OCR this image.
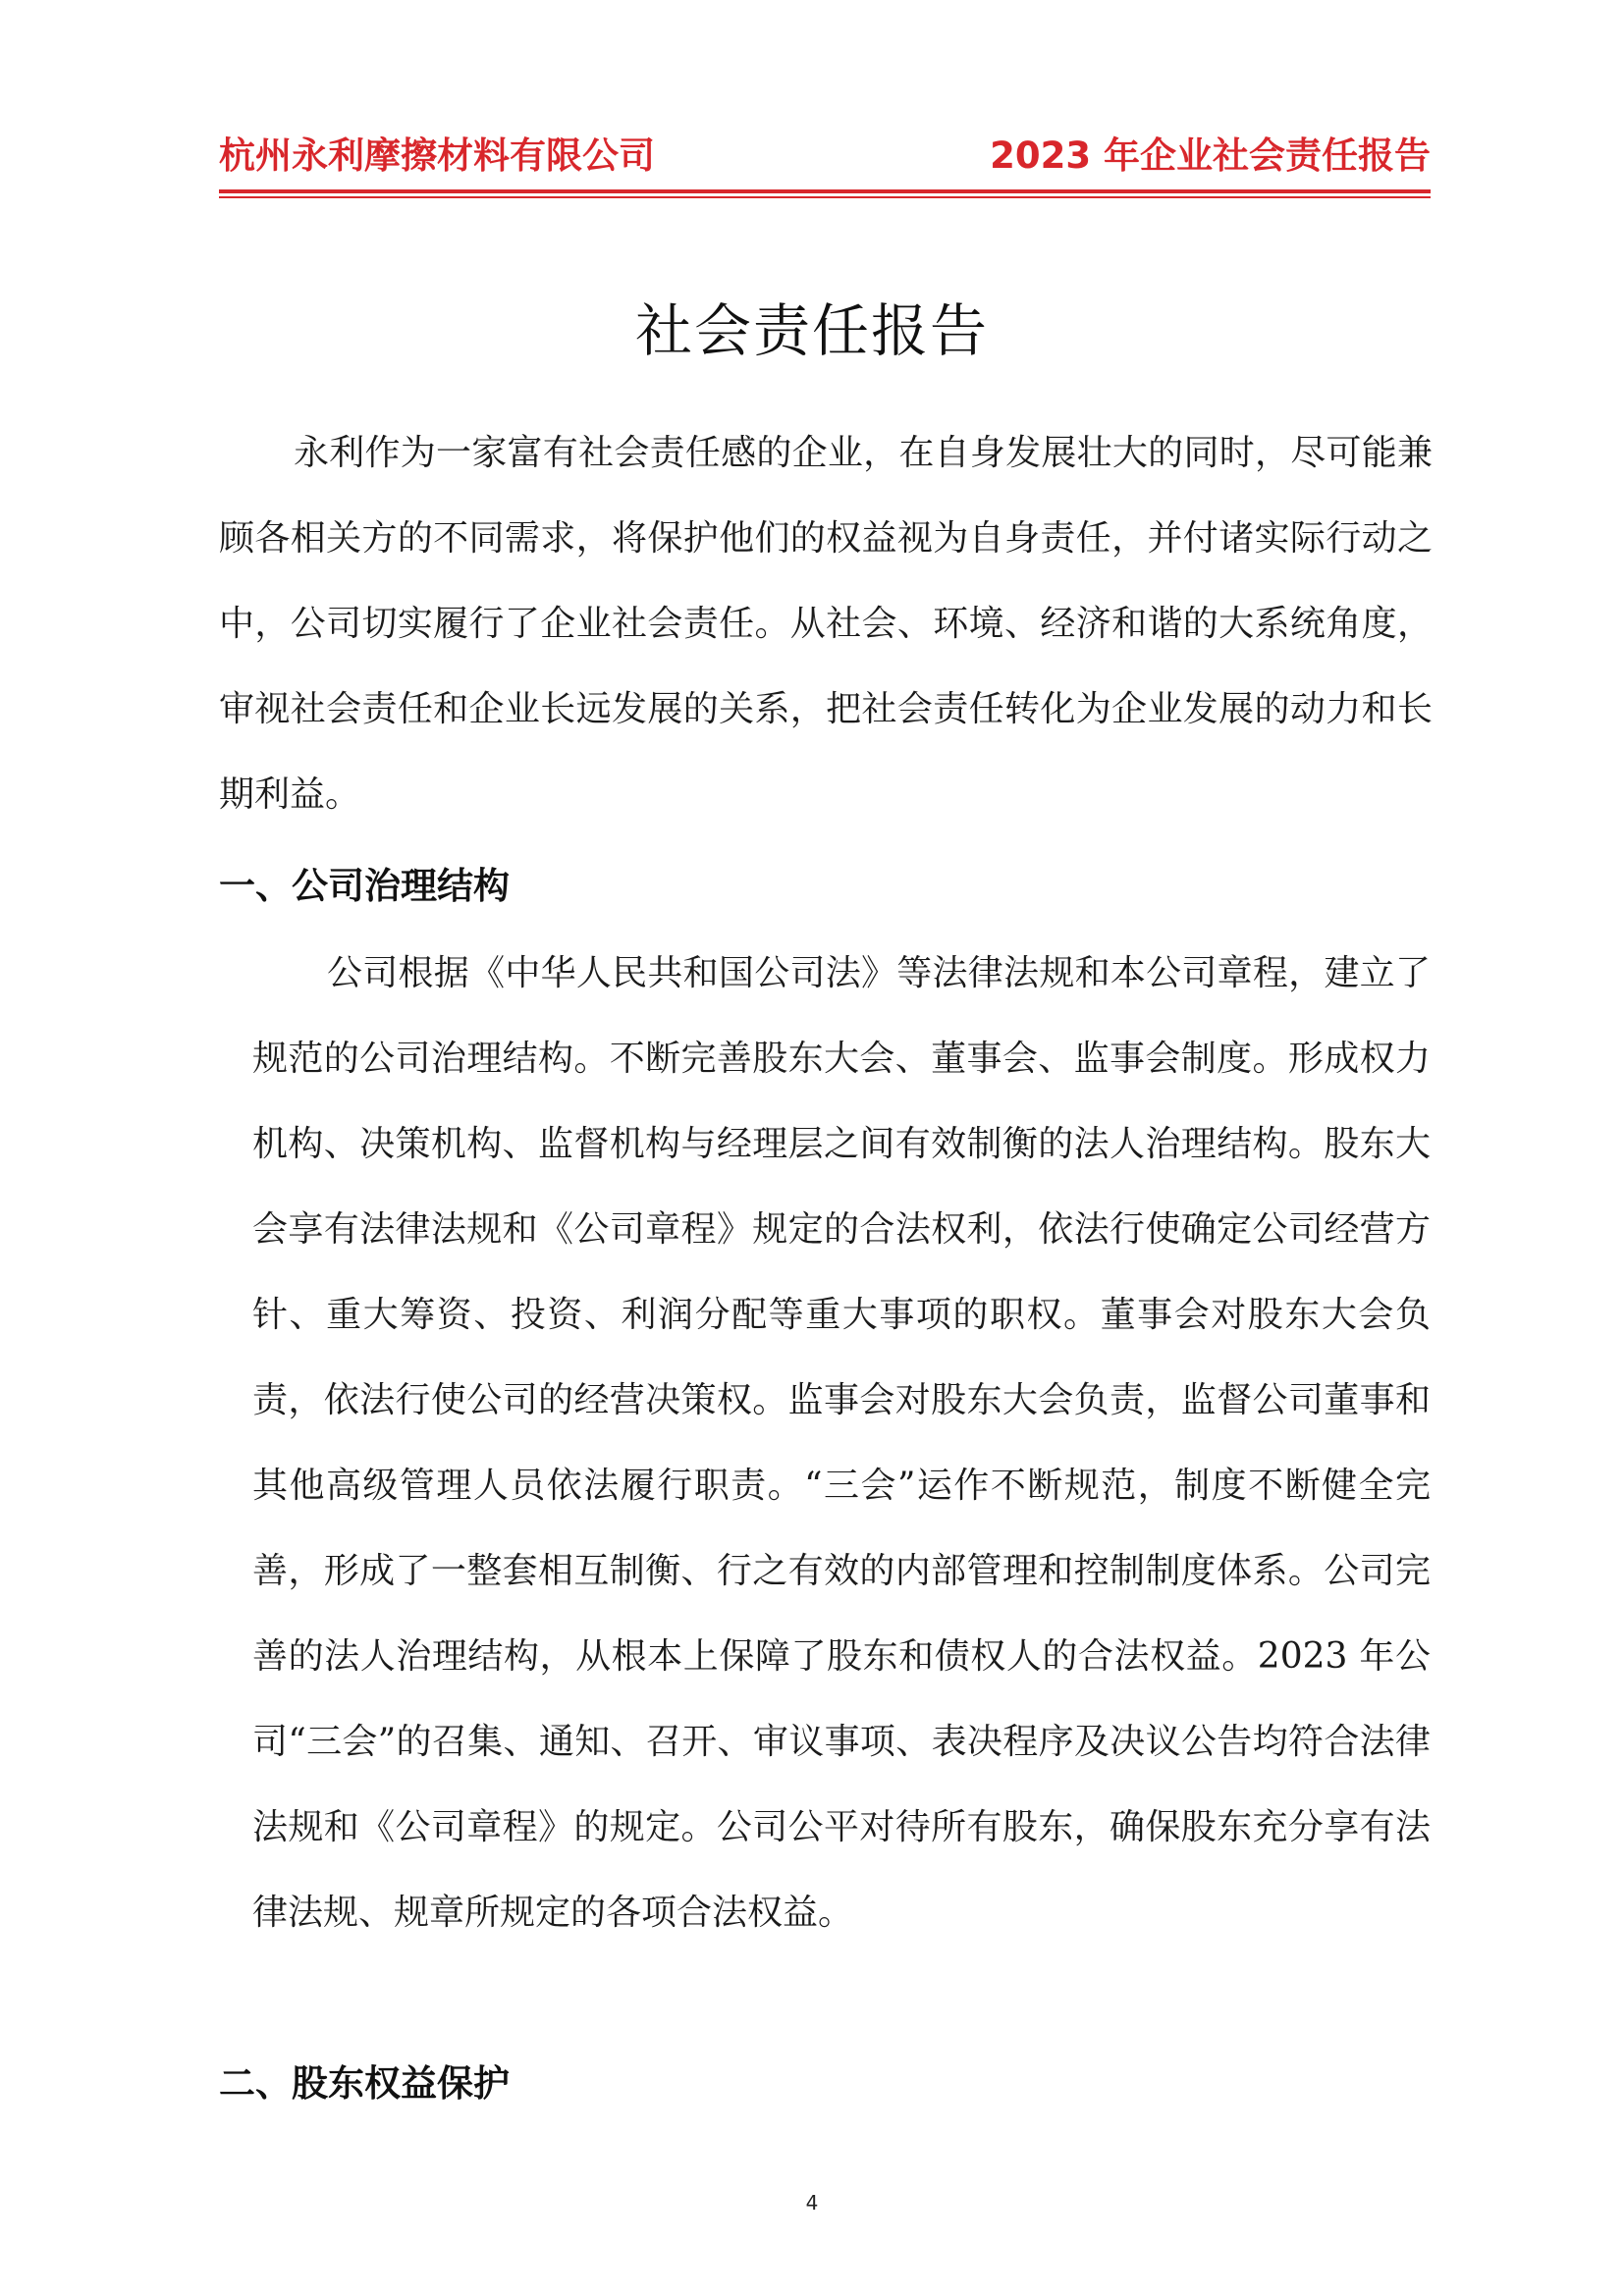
杭州永利摩擦材料有限公司	2023 年企业社会责任报告
社会责任报告

永利作为一家富有社会责任感的企业，在自身发展壮大的同时，尽可能兼顾各相关方的不同需求，将保护他们的权益视为自身责任，并付诸实际行动之中，公司切实履行了企业社会责任。从社会、环境、经济和谐的大系统角度，审视社会责任和企业长远发展的关系，把社会责任转化为企业发展的动力和长期利益。

一、公司治理结构

公司根据《中华人民共和国公司法》等法律法规和本公司章程，建立了规范的公司治理结构。不断完善股东大会、董事会、监事会制度。形成权力机构、决策机构、监督机构与经理层之间有效制衡的法人治理结构。股东大会享有法律法规和《公司章程》规定的合法权利，依法行使确定公司经营方针、重大筹资、投资、利润分配等重大事项的职权。董事会对股东大会负责，依法行使公司的经营决策权。监事会对股东大会负责，监督公司董事和其他高级管理人员依法履行职责。“三会”运作不断规范，制度不断健全完善，形成了一整套相互制衡、行之有效的内部管理和控制制度体系。公司完善的法人治理结构，从根本上保障了股东和债权人的合法权益。2023 年公司“三会”的召集、通知、召开、审议事项、表决程序及决议公告均符合法律法规和《公司章程》的规定。公司公平对待所有股东，确保股东充分享有法律法规、规章所规定的各项合法权益。

二、股东权益保护
4
